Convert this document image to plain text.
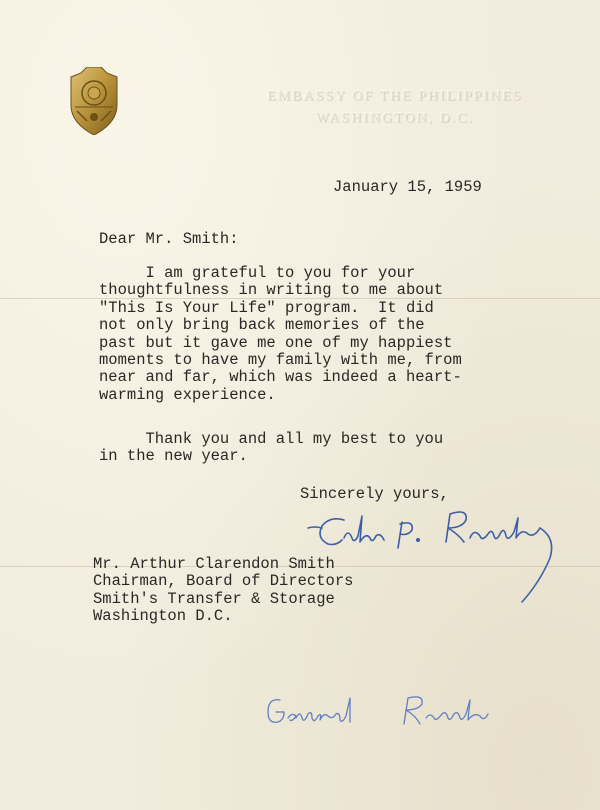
EMBASSY OF THE PHILIPPINES
WASHINGTON, D.C.

January 15, 1959

Dear Mr. Smith:

I am grateful to you for your
thoughtfulness in writing to me about
"This Is Your Life" program.  It did
not only bring back memories of the
past but it gave me one of my happiest
moments to have my family with me, from
near and far, which was indeed a heart-
warming experience.

Thank you and all my best to you
in the new year.

Sincerely yours,

Mr. Arthur Clarendon Smith
Chairman, Board of Directors
Smith's Transfer & Storage
Washington D.C.
